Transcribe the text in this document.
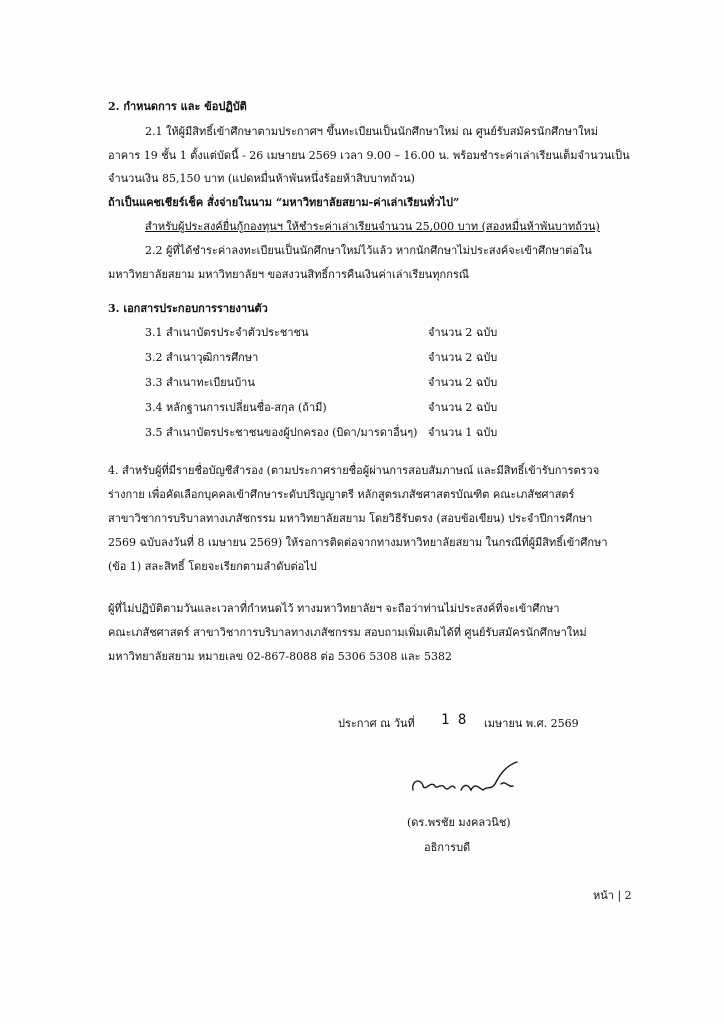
2. กำหนดการ และ ข้อปฏิบัติ
2.1 ให้ผู้มีสิทธิ์เข้าศึกษาตามประกาศฯ ขึ้นทะเบียนเป็นนักศึกษาใหม่ ณ ศูนย์รับสมัครนักศึกษาใหม่
อาคาร 19 ชั้น 1 ตั้งแต่บัดนี้ - 26 เมษายน 2569 เวลา 9.00 – 16.00 น. พร้อมชำระค่าเล่าเรียนเต็มจำนวนเป็น
จำนวนเงิน 85,150 บาท (แปดหมื่นห้าพันหนึ่งร้อยห้าสิบบาทถ้วน)
ถ้าเป็นแคชเชียร์เช็ค สั่งจ่ายในนาม “มหาวิทยาลัยสยาม-ค่าเล่าเรียนทั่วไป”
สำหรับผู้ประสงค์ยื่นกู้กองทุนฯ ให้ชำระค่าเล่าเรียนจำนวน 25,000 บาท (สองหมื่นห้าพันบาทถ้วน)
2.2 ผู้ที่ได้ชำระค่าลงทะเบียนเป็นนักศึกษาใหม่ไว้แล้ว หากนักศึกษาไม่ประสงค์จะเข้าศึกษาต่อใน
มหาวิทยาลัยสยาม มหาวิทยาลัยฯ ขอสงวนสิทธิ์การคืนเงินค่าเล่าเรียนทุกกรณี
3. เอกสารประกอบการรายงานตัว
3.1 สำเนาบัตรประจำตัวประชาชน	จำนวน 2 ฉบับ
3.2 สำเนาวุฒิการศึกษา	จำนวน 2 ฉบับ
3.3 สำเนาทะเบียนบ้าน	จำนวน 2 ฉบับ
3.4 หลักฐานการเปลี่ยนชื่อ-สกุล (ถ้ามี)	จำนวน 2 ฉบับ
3.5 สำเนาบัตรประชาชนของผู้ปกครอง (บิดา/มารดาอื่นๆ) จำนวน 1 ฉบับ
4. สำหรับผู้ที่มีรายชื่อบัญชีสำรอง (ตามประกาศรายชื่อผู้ผ่านการสอบสัมภาษณ์ และมีสิทธิ์เข้ารับการตรวจ
ร่างกาย เพื่อคัดเลือกบุคคลเข้าศึกษาระดับปริญญาตรี หลักสูตรเภสัชศาสตรบัณฑิต คณะเภสัชศาสตร์
สาขาวิชาการบริบาลทางเภสัชกรรม มหาวิทยาลัยสยาม โดยวิธีรับตรง (สอบข้อเขียน) ประจำปีการศึกษา
2569 ฉบับลงวันที่ 8 เมษายน 2569) ให้รอการติดต่อจากทางมหาวิทยาลัยสยาม ในกรณีที่ผู้มีสิทธิ์เข้าศึกษา
(ข้อ 1) สละสิทธิ์ โดยจะเรียกตามลำดับต่อไป
ผู้ที่ไม่ปฏิบัติตามวันและเวลาที่กำหนดไว้ ทางมหาวิทยาลัยฯ จะถือว่าท่านไม่ประสงค์ที่จะเข้าศึกษา
คณะเภสัชศาสตร์ สาขาวิชาการบริบาลทางเภสัชกรรม สอบถามเพิ่มเติมได้ที่ ศูนย์รับสมัครนักศึกษาใหม่
มหาวิทยาลัยสยาม หมายเลข 02-867-8088 ต่อ 5306 5308 และ 5382
ประกาศ ณ วันที่ 1 8 เมษายน พ.ศ. 2569
(ดร.พรชัย มงคลวนิช)
อธิการบดี
หน้า | 2
